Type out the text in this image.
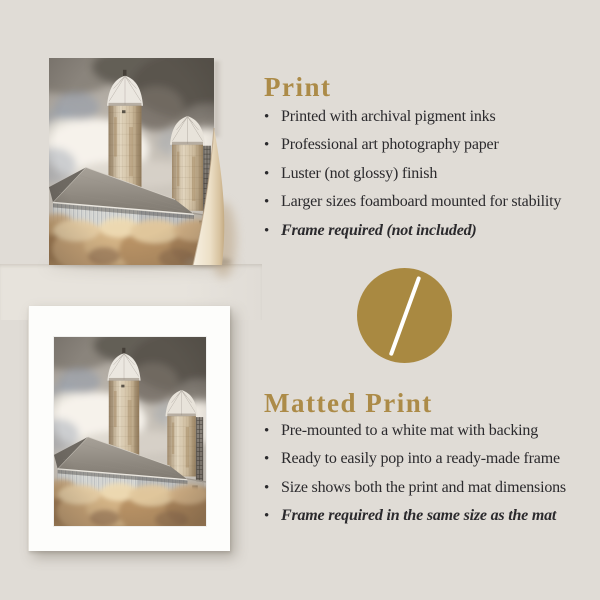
Print
• Printed with archival pigment inks
• Professional art photography paper
• Luster (not glossy) finish
• Larger sizes foamboard mounted for stability
• Frame required (not included)
Matted Print
• Pre-mounted to a white mat with backing
• Ready to easily pop into a ready-made frame
• Size shows both the print and mat dimensions
• Frame required in the same size as the mat
